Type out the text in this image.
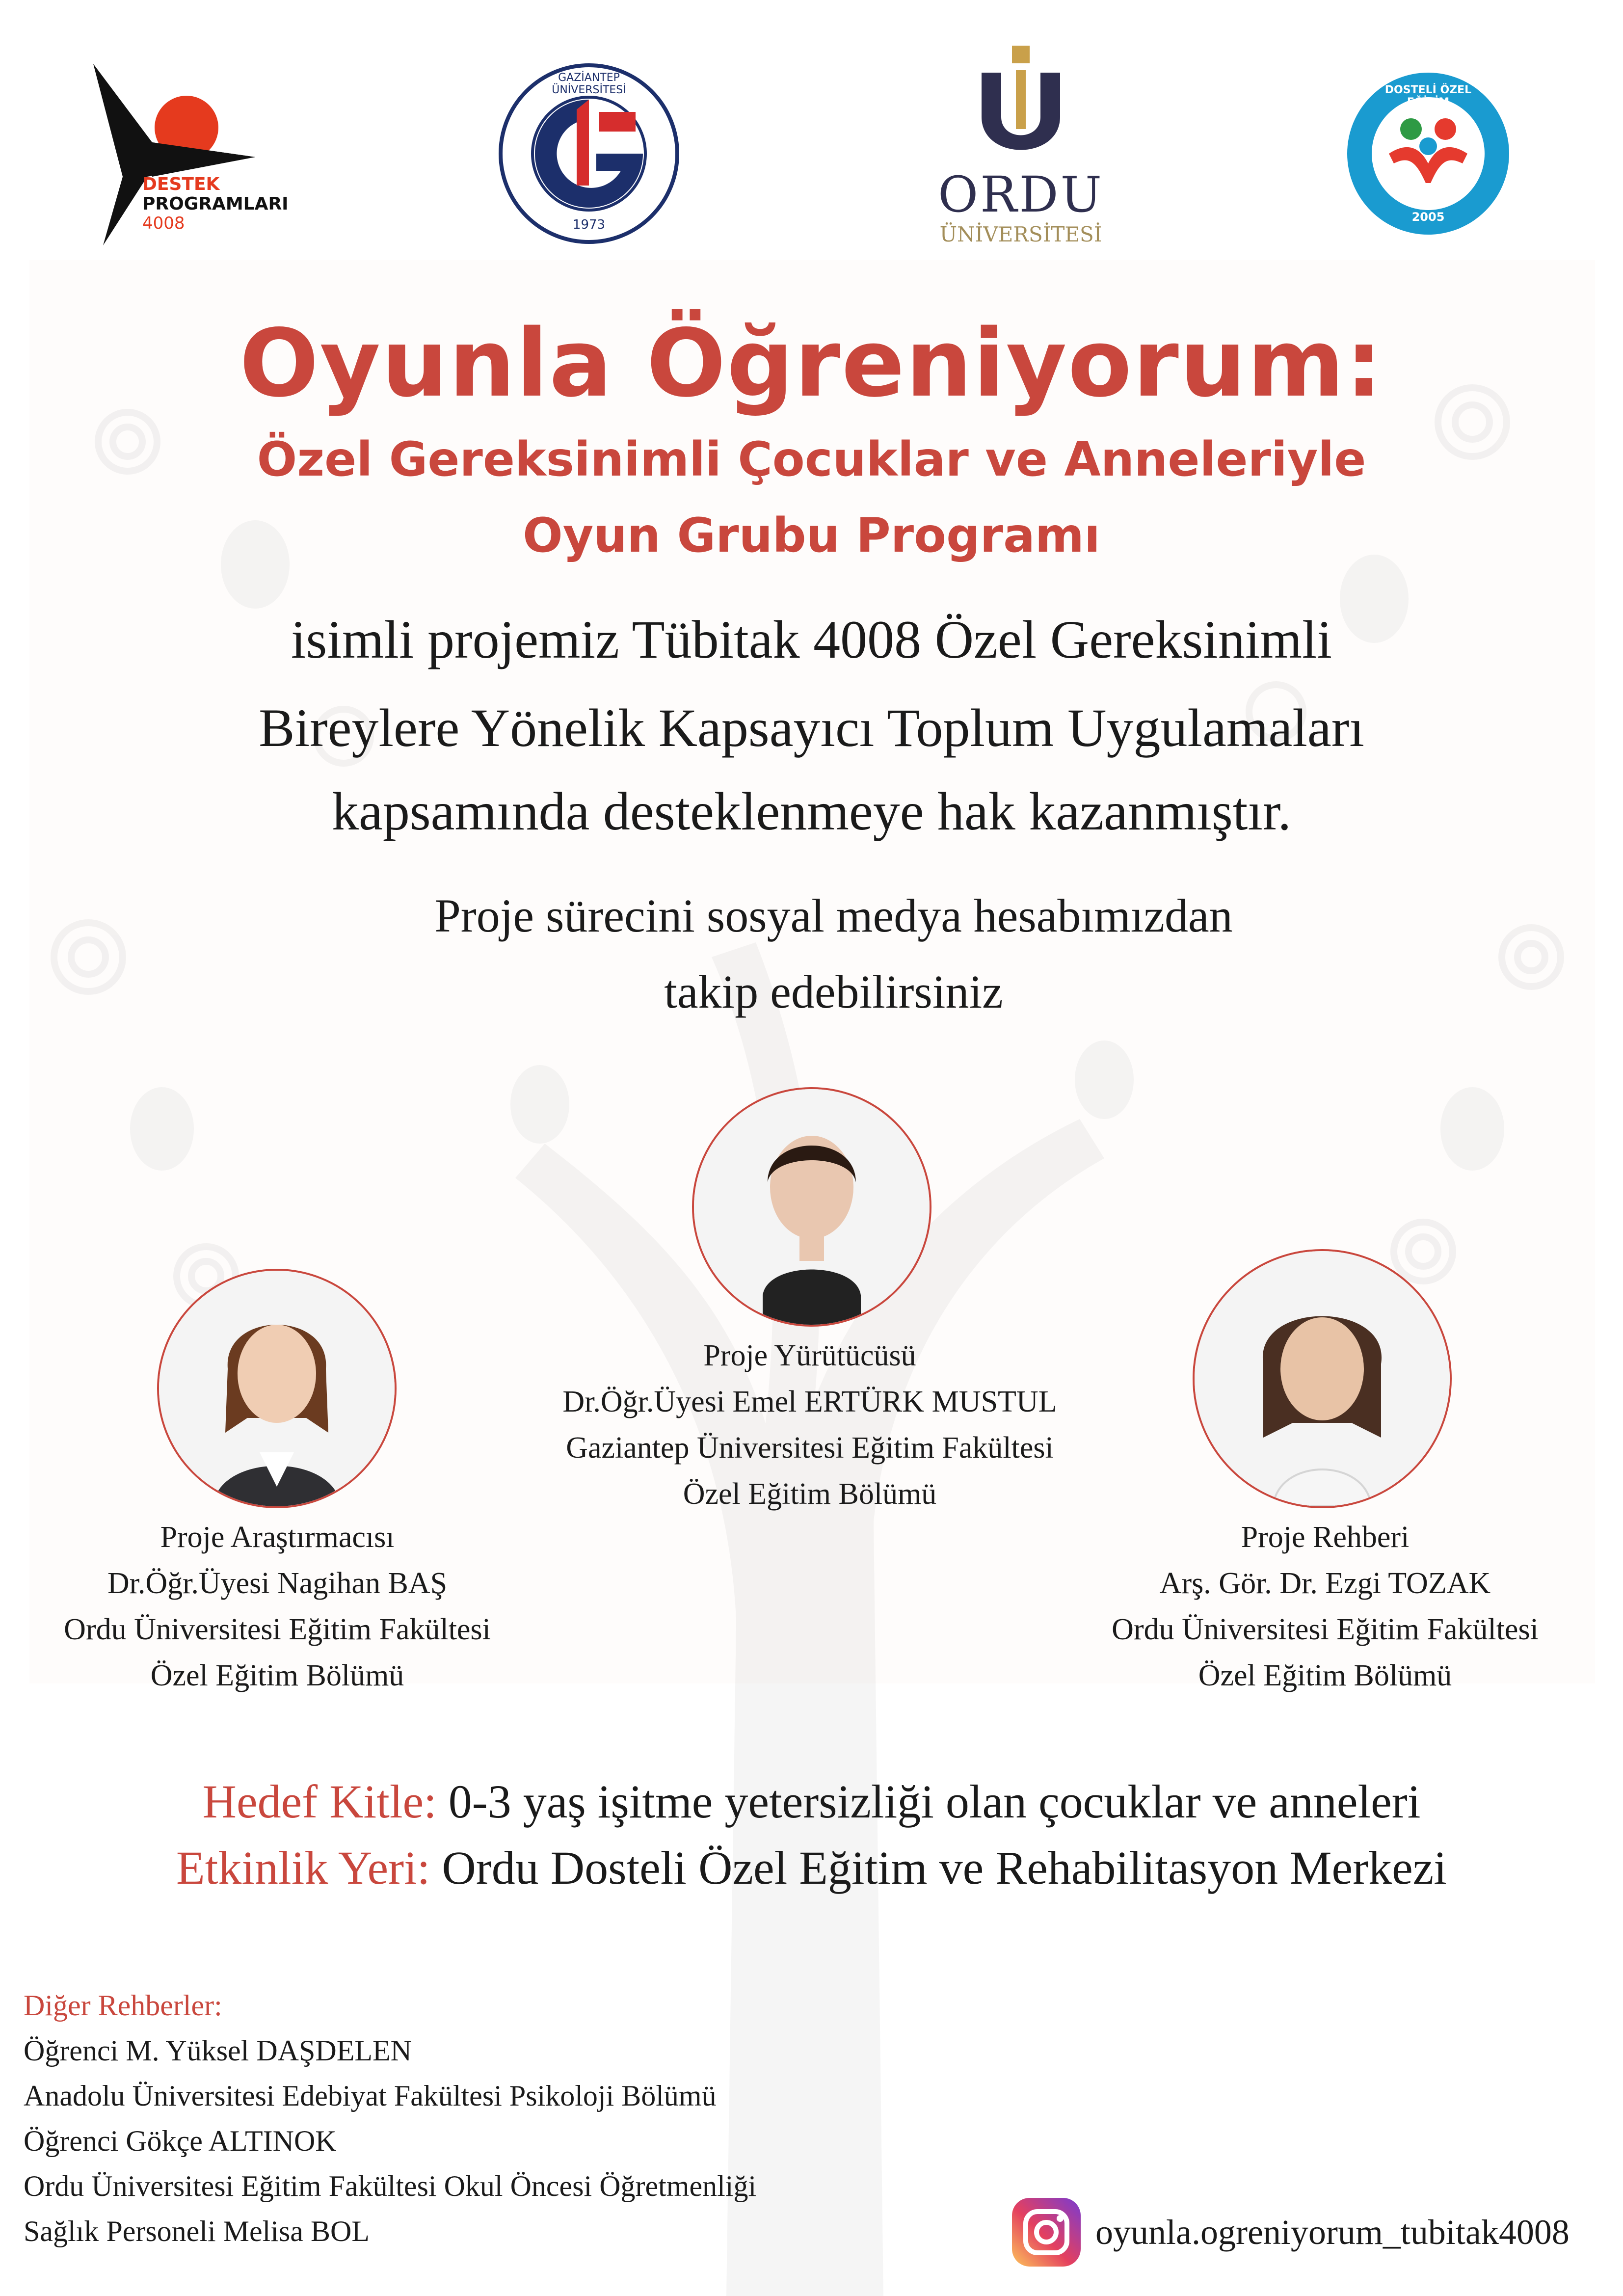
DESTEK
PROGRAMLARI
4008
GAZİANTEP ÜNİVERSİTESİ
1973
ORDU
ÜNİVERSİTESİ
DOSTELİ ÖZEL EĞİTİM
2005
Oyunla Öğreniyorum:
Özel Gereksinimli Çocuklar ve Anneleriyle
Oyun Grubu Programı
isimli projemiz Tübitak 4008 Özel Gereksinimli
Bireylere Yönelik Kapsayıcı Toplum Uygulamaları
kapsamında desteklenmeye hak kazanmıştır.
Proje sürecini sosyal medya hesabımızdan
takip edebilirsiniz
Proje Yürütücüsü
Dr.Öğr.Üyesi Emel ERTÜRK MUSTUL
Gaziantep Üniversitesi Eğitim Fakültesi
Özel Eğitim Bölümü
Proje Araştırmacısı
Dr.Öğr.Üyesi Nagihan BAŞ
Ordu Üniversitesi Eğitim Fakültesi
Özel Eğitim Bölümü
Proje Rehberi
Arş. Gör. Dr. Ezgi TOZAK
Ordu Üniversitesi Eğitim Fakültesi
Özel Eğitim Bölümü
Hedef Kitle: 0-3 yaş işitme yetersizliği olan çocuklar ve anneleri
Etkinlik Yeri: Ordu Dosteli Özel Eğitim ve Rehabilitasyon Merkezi
Diğer Rehberler:
Öğrenci M. Yüksel DAŞDELEN
Anadolu Üniversitesi Edebiyat Fakültesi Psikoloji Bölümü
Öğrenci Gökçe ALTINOK
Ordu Üniversitesi Eğitim Fakültesi Okul Öncesi Öğretmenliği
Sağlık Personeli Melisa BOL	oyunla.ogreniyorum_tubitak4008
